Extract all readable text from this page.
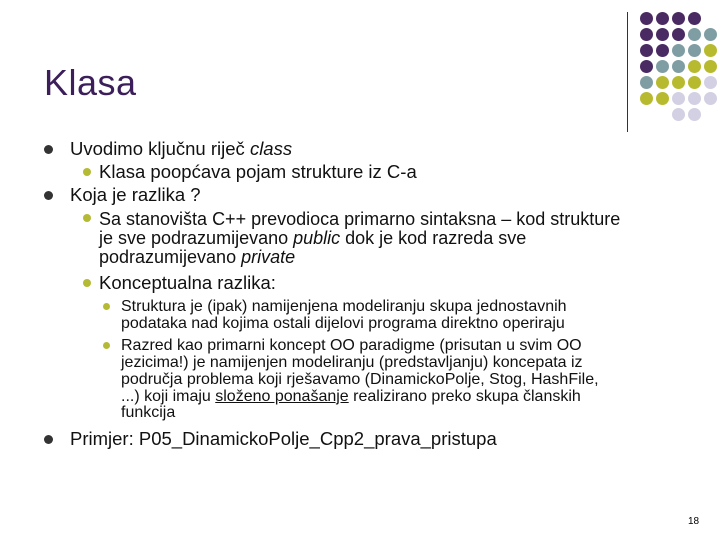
Klasa
Uvodimo ključnu riječ class
Klasa poopćava pojam strukture iz C-a
Koja je razlika ?
Sa stanovišta C++ prevodioca primarno sintaksna – kod strukture
je sve podrazumijevano public dok je kod razreda sve
podrazumijevano private
Konceptualna razlika:
Struktura je (ipak) namijenjena modeliranju skupa jednostavnih
podataka nad kojima ostali dijelovi programa direktno operiraju
Razred kao primarni koncept OO paradigme (prisutan u svim OO
jezicima!) je namijenjen modeliranju (predstavljanju) koncepata iz
područja problema koji rješavamo (DinamickoPolje, Stog, HashFile,
...) koji imaju složeno ponašanje realizirano preko skupa članskih
funkcija
Primjer: P05_DinamickoPolje_Cpp2_prava_pristupa
18
